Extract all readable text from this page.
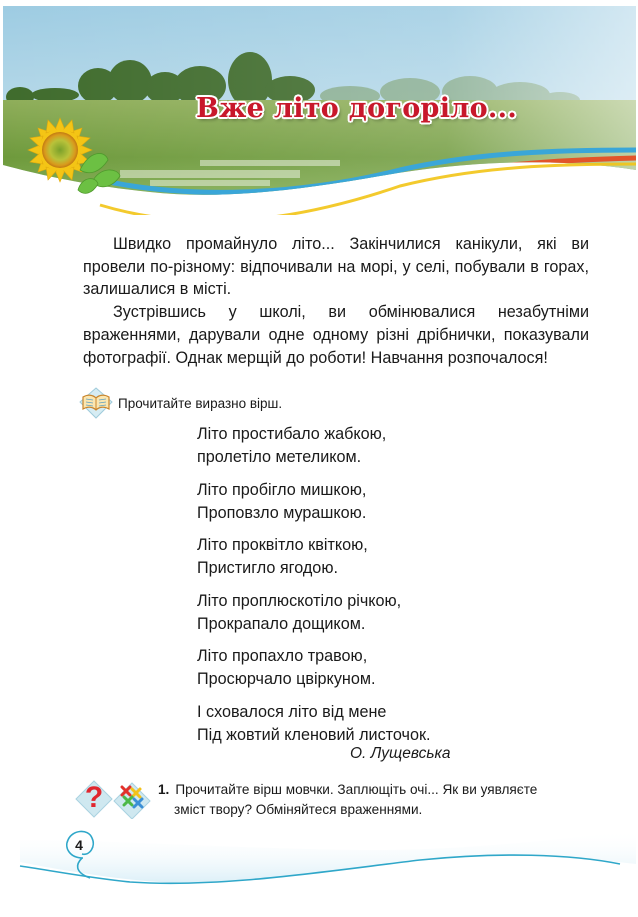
Вже літо догоріло...

Швидко промайнуло літо... Закінчилися канікули, які ви провели по-різному: відпочивали на морі, у селі, побували в горах, залишалися в місті.

Зустрівшись у школі, ви обмінювалися незабутніми враженнями, дарували одне одному різні дрібнички, показували фотографії. Однак мерщій до роботи! Навчання розпочалося!

Прочитайте виразно вірш.
Літо простибало жабкою,
пролетіло метеликом.
Літо пробігло мишкою,
Проповзло мурашкою.
Літо проквітло квіткою,
Пристигло ягодою.
Літо проплюскотіло річкою,
Прокрапало дощиком.
Літо пропахло травою,
Просюрчало цвіркуном.
І сховалося літо від мене
Під жовтий кленовий листочок.
О. Лущевська
?	1. Прочитайте вірш мовчки. Заплющіть очі... Як ви уявляєте
зміст твору? Обміняйтеся враженнями.
4
